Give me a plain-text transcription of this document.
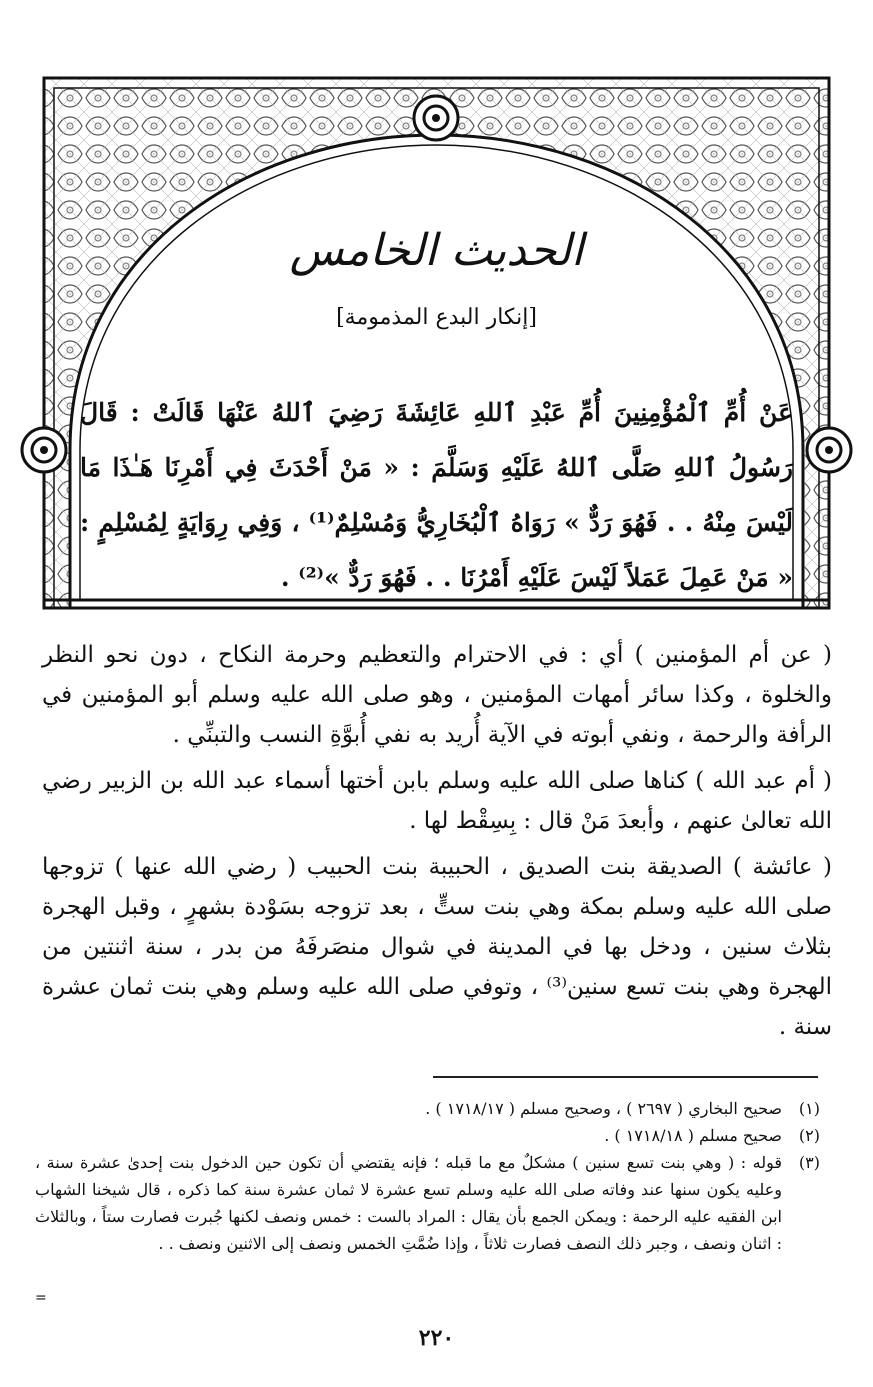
الحديث الخامس
[إنكار البدع المذمومة]
عَنْ أُمِّ ٱلْمُؤْمِنِينَ أُمِّ عَبْدِ ٱللهِ عَائِشَةَ رَضِيَ ٱللهُ عَنْهَا قَالَتْ : قَالَ رَسُولُ ٱللهِ صَلَّى ٱللهُ عَلَيْهِ وَسَلَّمَ : « مَنْ أَحْدَثَ فِي أَمْرِنَا هَـٰذَا مَا لَيْسَ مِنْهُ . . فَهُوَ رَدٌّ » رَوَاهُ ٱلْبُخَارِيُّ وَمُسْلِمٌ⁽¹⁾ ، وَفِي رِوَايَةٍ لِمُسْلِمٍ : « مَنْ عَمِلَ عَمَلاً لَيْسَ عَلَيْهِ أَمْرُنَا . . فَهُوَ رَدٌّ »⁽²⁾ .

( عن أم المؤمنين ) أي : في الاحترام والتعظيم وحرمة النكاح ، دون نحو النظر والخلوة ، وكذا سائر أمهات المؤمنين ، وهو صلى الله عليه وسلم أبو المؤمنين في الرأفة والرحمة ، ونفي أبوته في الآية أُريد به نفي أُبوَّةِ النسب والتبنِّي .

( أم عبد الله ) كناها صلى الله عليه وسلم بابن أختها أسماء عبد الله بن الزبير رضي الله تعالىٰ عنهم ، وأبعدَ مَنْ قال : بِسِقْط لها .

( عائشة ) الصديقة بنت الصديق ، الحبيبة بنت الحبيب ( رضي الله عنها ) تزوجها صلى الله عليه وسلم بمكة وهي بنت ستٍّ ، بعد تزوجه بسَوْدة بشهرٍ ، وقبل الهجرة بثلاث سنين ، ودخل بها في المدينة في شوال منصَرفَهُ من بدر ، سنة اثنتين من الهجرة وهي بنت تسع سنين⁽³⁾ ، وتوفي صلى الله عليه وسلم وهي بنت ثمان عشرة سنة .

(١)
صحيح البخاري ( ٢٦٩٧ ) ، وصحيح مسلم ( ١٧١٨/١٧ ) .
(٢)
صحيح مسلم ( ١٧١٨/١٨ ) .
(٣)
قوله : ( وهي بنت تسع سنين ) مشكلٌ مع ما قبله ؛ فإنه يقتضي أن تكون حين الدخول بنت إحدىٰ عشرة سنة ، وعليه يكون سنها عند وفاته صلى الله عليه وسلم تسع عشرة لا ثمان عشرة سنة كما ذكره ، قال شيخنا الشهاب ابن الفقيه عليه الرحمة : ويمكن الجمع بأن يقال : المراد بالست : خمس ونصف لكنها جُبرت فصارت ستاً ، وبالثلاث : اثنان ونصف ، وجبر ذلك النصف فصارت ثلاثاً ، وإذا ضُمَّتِ الخمس ونصف إلى الاثنين ونصف . .
=
٢٢٠
